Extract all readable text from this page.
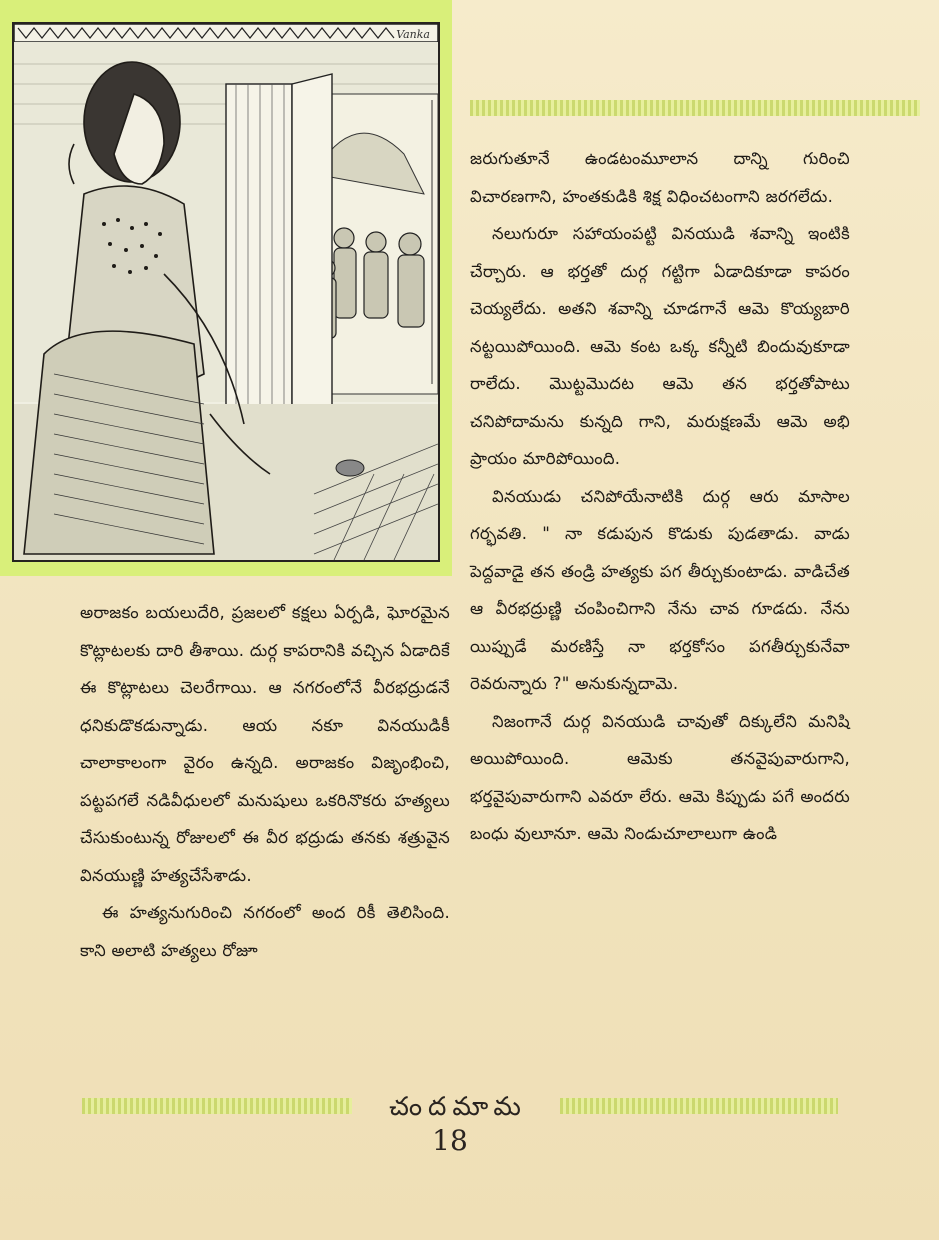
Vanka

జరుగుతూనే ఉండటంమూలాన దాన్ని గురించి విచారణగాని, హంతకుడికి శిక్ష విధించటంగాని జరగలేదు.

నలుగురూ సహాయంపట్టి వినయుడి శవాన్ని ఇంటికి చేర్చారు. ఆ భర్తతో దుర్గ గట్టిగా ఏడాదికూడా కాపరం చెయ్యలేదు. అతని శవాన్ని చూడగానే ఆమె కొయ్యబారి నట్టయిపోయింది. ఆమె కంట ఒక్క కన్నీటి బిందువుకూడా రాలేదు. మొట్టమొదట ఆమె తన భర్తతోపాటు చనిపోదామను కున్నది గాని, మరుక్షణమే ఆమె అభి ప్రాయం మారిపోయింది.

వినయుడు చనిపోయేనాటికి దుర్గ ఆరు మాసాల గర్భవతి. " నా కడుపున కొడుకు పుడతాడు. వాడు పెద్దవాడై తన తండ్రి హత్యకు పగ తీర్చుకుంటాడు. వాడిచేత ఆ వీరభద్రుణ్ణి చంపించిగాని నేను చావ గూడదు. నేను యిప్పుడే మరణిస్తే నా భర్తకోసం పగతీర్చుకునేవా రెవరున్నారు ?" అనుకున్నదామె.

నిజంగానే దుర్గ వినయుడి చావుతో దిక్కులేని మనిషి అయిపోయింది. ఆమెకు తనవైపువారుగాని, భర్తవైపువారుగాని ఎవరూ లేరు. ఆమె కిప్పుడు పగే అందరు బంధు వులూనూ. ఆమె నిండుచూలాలుగా ఉండి

అరాజకం బయలుదేరి, ప్రజలలో కక్షలు ఏర్పడి, ఘోరమైన కొట్లాటలకు దారి తీశాయి. దుర్గ కాపరానికి వచ్చిన ఏడాదికే ఈ కొట్లాటలు చెలరేగాయి. ఆ నగరంలోనే వీరభద్రుడనే ధనికుడొకడున్నాడు. ఆయ నకూ వినయుడికీ చాలాకాలంగా వైరం ఉన్నది. అరాజకం విజృంభించి, పట్టపగలే నడివీధులలో మనుషులు ఒకరినొకరు హత్యలు చేసుకుంటున్న రోజులలో ఈ వీర భద్రుడు తనకు శత్రువైన వినయుణ్ణి హత్యచేసేశాడు.

ఈ హత్యనుగురించి నగరంలో అంద రికీ తెలిసింది. కాని అలాటి హత్యలు రోజూ

చందమామ
18
